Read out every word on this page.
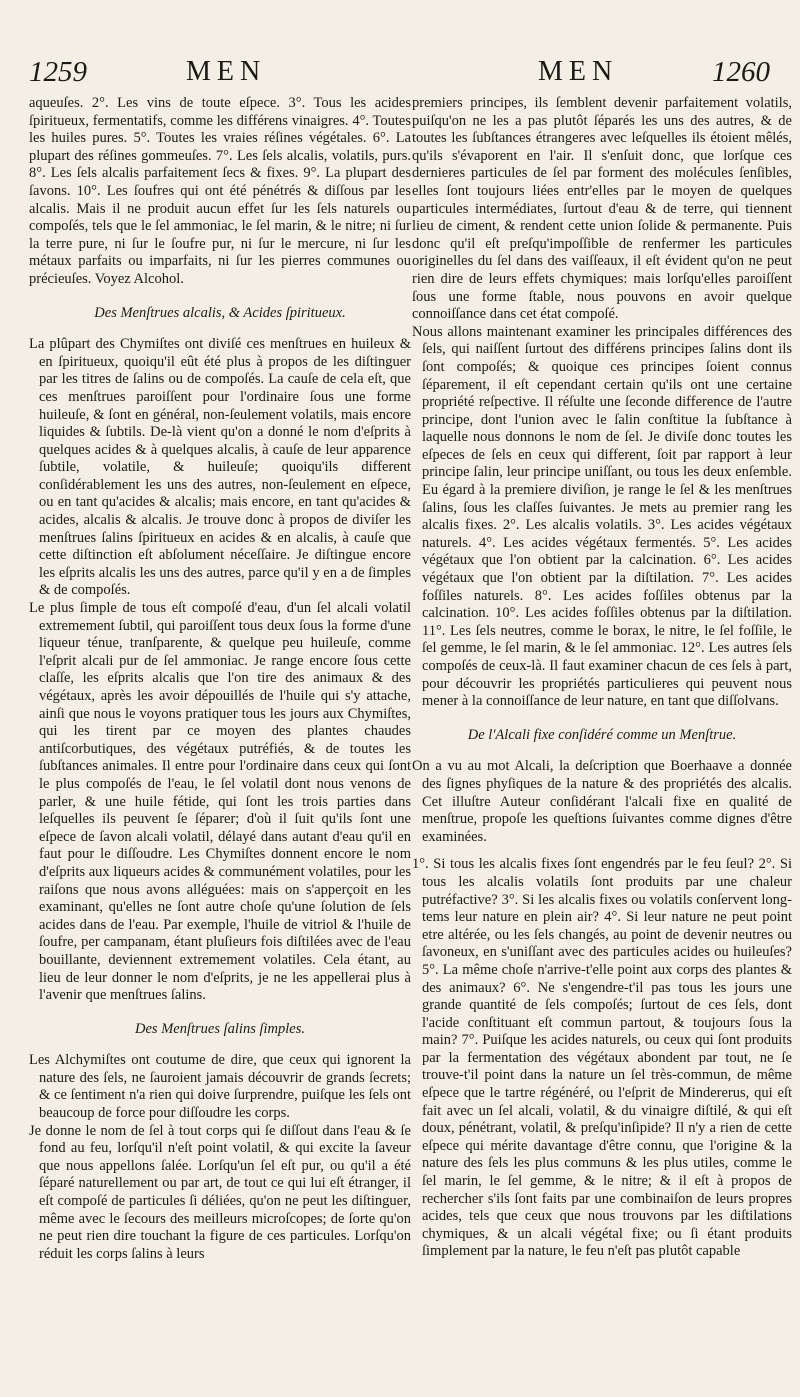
1259	MEN	MEN	1260

aqueuſes. 2°. Les vins de toute eſpece. 3°. Tous les acides ſpiritueux, fermentatifs, comme les différens vinaigres. 4°. Toutes les huiles pures. 5°. Toutes les vraies réſines végétales. 6°. La plupart des réſines gommeuſes. 7°. Les ſels alcalis, volatils, purs. 8°. Les ſels alcalis parfaitement ſecs & fixes. 9°. La plupart des ſavons. 10°. Les ſoufres qui ont été pénétrés & diſſous par les alcalis. Mais il ne produit aucun effet ſur les ſels naturels ou compoſés, tels que le ſel ammoniac, le ſel marin, & le nitre; ni ſur la terre pure, ni ſur le ſoufre pur, ni ſur le mercure, ni ſur les métaux parfaits ou imparfaits, ni ſur les pierres communes ou précieuſes. Voyez Alcohol.

Des Menſtrues alcalis, & Acides ſpiritueux.

La plûpart des Chymiſtes ont diviſé ces menſtrues en huileux & en ſpiritueux, quoiqu'il eût été plus à propos de les diſtinguer par les titres de ſalins ou de compoſés. La cauſe de cela eſt, que ces menſtrues paroiſſent pour l'ordinaire ſous une forme huileuſe, & ſont en général, non-ſeulement volatils, mais encore liquides & ſubtils. De-là vient qu'on a donné le nom d'eſprits à quelques acides & à quelques alcalis, à cauſe de leur apparence ſubtile, volatile, & huileuſe; quoiqu'ils different conſidérablement les uns des autres, non-ſeulement en eſpece, ou en tant qu'acides & alcalis; mais encore, en tant qu'acides & acides, alcalis & alcalis. Je trouve donc à propos de diviſer les menſtrues ſalins ſpiritueux en acides & en alcalis, à cauſe que cette diſtinction eſt abſolument néceſſaire. Je diſtingue encore les eſprits alcalis les uns des autres, parce qu'il y en a de ſimples & de compoſés.

Le plus ſimple de tous eſt compoſé d'eau, d'un ſel alcali volatil extremement ſubtil, qui paroiſſent tous deux ſous la forme d'une liqueur ténue, tranſparente, & quelque peu huileuſe, comme l'eſprit alcali pur de ſel ammoniac. Je range encore ſous cette claſſe, les eſprits alcalis que l'on tire des animaux & des végétaux, après les avoir dépouillés de l'huile qui s'y attache, ainſi que nous le voyons pratiquer tous les jours aux Chymiſtes, qui les tirent par ce moyen des plantes chaudes antiſcorbutiques, des végétaux putréfiés, & de toutes les ſubſtances animales. Il entre pour l'ordinaire dans ceux qui ſont le plus compoſés de l'eau, le ſel volatil dont nous venons de parler, & une huile fétide, qui ſont les trois parties dans leſquelles ils peuvent ſe ſéparer; d'où il ſuit qu'ils ſont une eſpece de ſavon alcali volatil, délayé dans autant d'eau qu'il en faut pour le diſſoudre. Les Chymiſtes donnent encore le nom d'eſprits aux liqueurs acides & communément volatiles, pour les raiſons que nous avons alléguées: mais on s'apperçoit en les examinant, qu'elles ne ſont autre choſe qu'une ſolution de ſels acides dans de l'eau. Par exemple, l'huile de vitriol & l'huile de ſoufre, per campanam, étant pluſieurs fois diſtilées avec de l'eau bouillante, deviennent extremement volatiles. Cela étant, au lieu de leur donner le nom d'eſprits, je ne les appellerai plus à l'avenir que menſtrues ſalins.

Des Menſtrues ſalins ſimples.

Les Alchymiſtes ont coutume de dire, que ceux qui ignorent la nature des ſels, ne ſauroient jamais découvrir de grands ſecrets; & ce ſentiment n'a rien qui doive ſurprendre, puiſque les ſels ont beaucoup de force pour diſſoudre les corps.

Je donne le nom de ſel à tout corps qui ſe diſſout dans l'eau & ſe fond au feu, lorſqu'il n'eſt point volatil, & qui excite la ſaveur que nous appellons ſalée. Lorſqu'un ſel eſt pur, ou qu'il a été ſéparé naturellement ou par art, de tout ce qui lui eſt étranger, il eſt compoſé de particules ſi déliées, qu'on ne peut les diſtinguer, même avec le ſecours des meilleurs microſcopes; de ſorte qu'on ne peut rien dire touchant la figure de ces particules. Lorſqu'on réduit les corps ſalins à leurs

premiers principes, ils ſemblent devenir parfaitement volatils, puiſqu'on ne les a pas plutôt ſéparés les uns des autres, & de toutes les ſubſtances étrangeres avec leſquelles ils étoient mêlés, qu'ils s'évaporent en l'air. Il s'enſuit donc, que lorſque ces dernieres particules de ſel par forment des molécules ſenſibles, elles ſont toujours liées entr'elles par le moyen de quelques particules intermédiates, ſurtout d'eau & de terre, qui tiennent lieu de ciment, & rendent cette union ſolide & permanente. Puis donc qu'il eſt preſqu'impoſſible de renfermer les particules originelles du ſel dans des vaiſſeaux, il eſt évident qu'on ne peut rien dire de leurs effets chymiques: mais lorſqu'elles paroiſſent ſous une forme ſtable, nous pouvons en avoir quelque connoiſſance dans cet état compoſé.

Nous allons maintenant examiner les principales différences des ſels, qui naiſſent ſurtout des différens principes ſalins dont ils ſont compoſés; & quoique ces principes ſoient connus ſéparement, il eſt cependant certain qu'ils ont une certaine propriété reſpective. Il réſulte une ſeconde difference de l'autre principe, dont l'union avec le ſalin conſtitue la ſubſtance à laquelle nous donnons le nom de ſel. Je diviſe donc toutes les eſpeces de ſels en ceux qui different, ſoit par rapport à leur principe ſalin, leur principe uniſſant, ou tous les deux enſemble. Eu égard à la premiere diviſion, je range le ſel & les menſtrues ſalins, ſous les claſſes ſuivantes. Je mets au premier rang les alcalis fixes. 2°. Les alcalis volatils. 3°. Les acides végétaux naturels. 4°. Les acides végétaux fermentés. 5°. Les acides végétaux que l'on obtient par la calcination. 6°. Les acides végétaux que l'on obtient par la diſtilation. 7°. Les acides foſſiles naturels. 8°. Les acides foſſiles obtenus par la calcination. 10°. Les acides foſſiles obtenus par la diſtilation. 11°. Les ſels neutres, comme le borax, le nitre, le ſel foſſile, le ſel gemme, le ſel marin, & le ſel ammoniac. 12°. Les autres ſels compoſés de ceux-là. Il faut examiner chacun de ces ſels à part, pour découvrir les propriétés particulieres qui peuvent nous mener à la connoiſſance de leur nature, en tant que diſſolvans.

De l'Alcali fixe conſidéré comme un Menſtrue.

On a vu au mot Alcali, la deſcription que Boerhaave a donnée des ſignes phyſiques de la nature & des propriétés des alcalis. Cet illuſtre Auteur conſidérant l'alcali fixe en qualité de menſtrue, propoſe les queſtions ſuivantes comme dignes d'être examinées.

1°. Si tous les alcalis fixes ſont engendrés par le feu ſeul? 2°. Si tous les alcalis volatils ſont produits par une chaleur putréfactive? 3°. Si les alcalis fixes ou volatils conſervent long-tems leur nature en plein air? 4°. Si leur nature ne peut point etre altérée, ou les ſels changés, au point de devenir neutres ou ſavoneux, en s'uniſſant avec des particules acides ou huileuſes? 5°. La même choſe n'arrive-t'elle point aux corps des plantes & des animaux? 6°. Ne s'engendre-t'il pas tous les jours une grande quantité de ſels compoſés; ſurtout de ces ſels, dont l'acide conſtituant eſt commun partout, & toujours ſous la main? 7°. Puiſque les acides naturels, ou ceux qui ſont produits par la fermentation des végétaux abondent par tout, ne ſe trouve-t'il point dans la nature un ſel très-commun, de même eſpece que le tartre régénéré, ou l'eſprit de Mindererus, qui eſt fait avec un ſel alcali, volatil, & du vinaigre diſtilé, & qui eſt doux, pénétrant, volatil, & preſqu'inſipide? Il n'y a rien de cette eſpece qui mérite davantage d'être connu, que l'origine & la nature des ſels les plus communs & les plus utiles, comme le ſel marin, le ſel gemme, & le nitre; & il eſt à propos de rechercher s'ils ſont faits par une combinaiſon de leurs propres acides, tels que ceux que nous trouvons par les diſtilations chymiques, & un alcali végétal fixe; ou ſi étant produits ſimplement par la nature, le feu n'eſt pas plutôt capable
